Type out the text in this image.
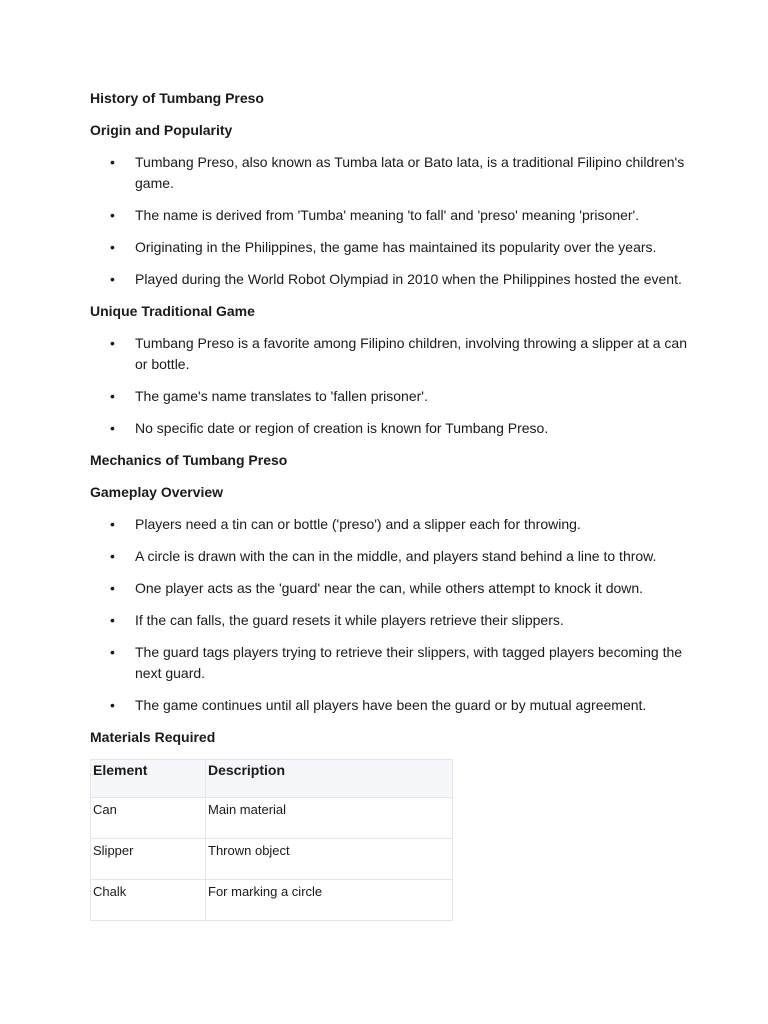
History of Tumbang Preso
Origin and Popularity
• Tumbang Preso, also known as Tumba lata or Bato lata, is a traditional Filipino children's game.
• The name is derived from 'Tumba' meaning 'to fall' and 'preso' meaning 'prisoner'.
• Originating in the Philippines, the game has maintained its popularity over the years.
• Played during the World Robot Olympiad in 2010 when the Philippines hosted the event.
Unique Traditional Game
• Tumbang Preso is a favorite among Filipino children, involving throwing a slipper at a can or bottle.
• The game's name translates to 'fallen prisoner'.
• No specific date or region of creation is known for Tumbang Preso.
Mechanics of Tumbang Preso
Gameplay Overview
• Players need a tin can or bottle ('preso') and a slipper each for throwing.
• A circle is drawn with the can in the middle, and players stand behind a line to throw.
• One player acts as the 'guard' near the can, while others attempt to knock it down.
• If the can falls, the guard resets it while players retrieve their slippers.
• The guard tags players trying to retrieve their slippers, with tagged players becoming the next guard.
• The game continues until all players have been the guard or by mutual agreement.
Materials Required
Element	Description
Can	Main material
Slipper	Thrown object
Chalk	For marking a circle
